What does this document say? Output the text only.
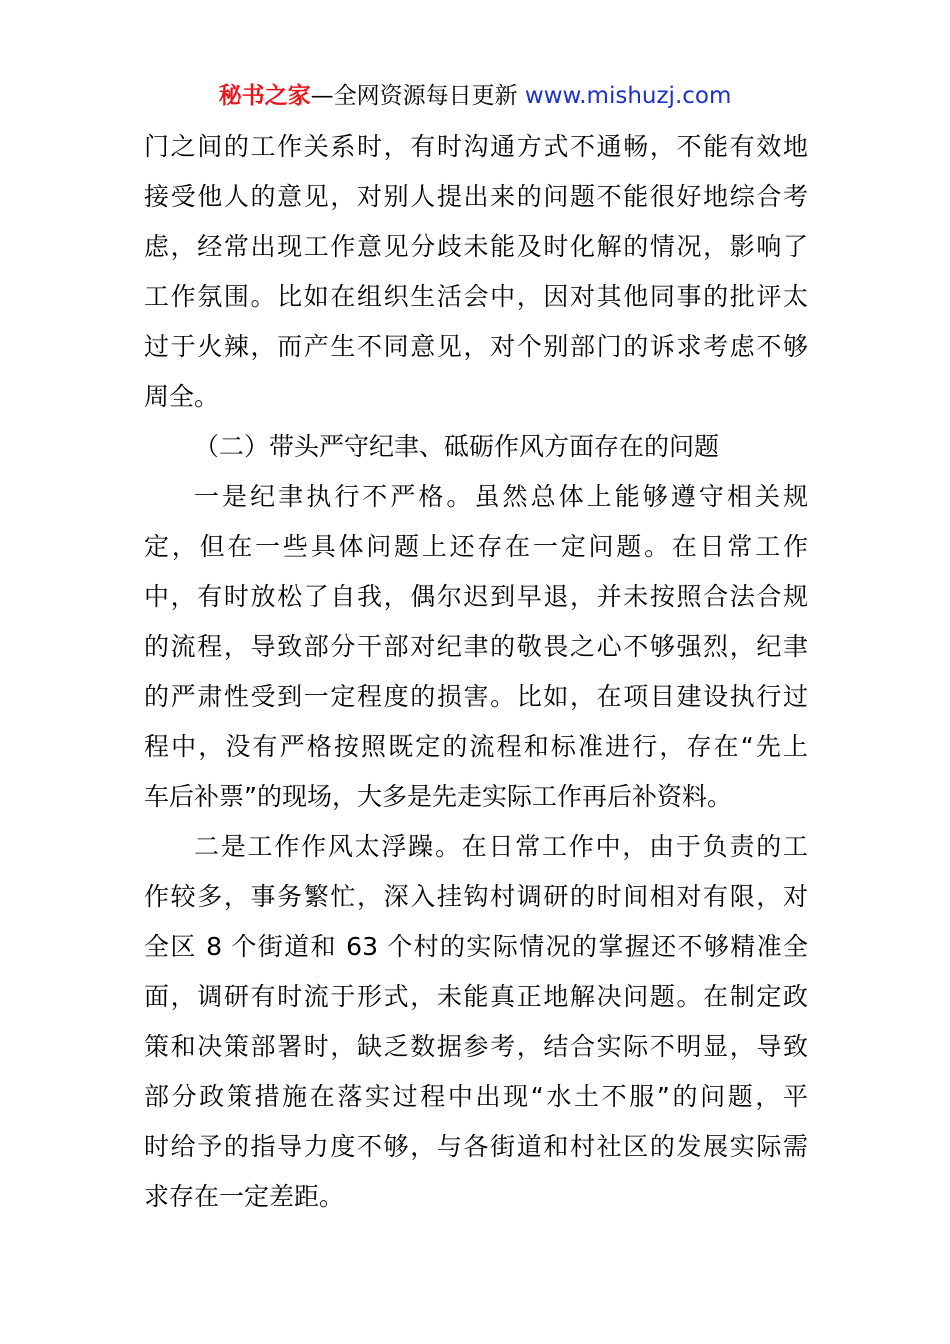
秘书之家—全网资源每日更新 www.mishuzj.com
门之间的工作关系时，有时沟通方式不通畅，不能有效地
接受他人的意见，对别人提出来的问题不能很好地综合考
虑，经常出现工作意见分歧未能及时化解的情况，影响了
工作氛围。比如在组织生活会中，因对其他同事的批评太
过于火辣，而产生不同意见，对个别部门的诉求考虑不够
周全。
（二）带头严守纪聿、砥砺作风方面存在的问题
一是纪聿执行不严格。虽然总体上能够遵守相关规
定，但在一些具体问题上还存在一定问题。在日常工作
中，有时放松了自我，偶尔迟到早退，并未按照合法合规
的流程，导致部分干部对纪聿的敬畏之心不够强烈，纪聿
的严肃性受到一定程度的损害。比如，在项目建设执行过
程中，没有严格按照既定的流程和标准进行，存在“先上
车后补票”的现场，大多是先走实际工作再后补资料。
二是工作作风太浮躁。在日常工作中，由于负责的工
作较多，事务繁忙，深入挂钩村调研的时间相对有限，对
全区 8 个街道和 63 个村的实际情况的掌握还不够精准全
面，调研有时流于形式，未能真正地解决问题。在制定政
策和决策部署时，缺乏数据参考，结合实际不明显，导致
部分政策措施在落实过程中出现“水土不服”的问题，平
时给予的指导力度不够，与各街道和村社区的发展实际需
求存在一定差距。
